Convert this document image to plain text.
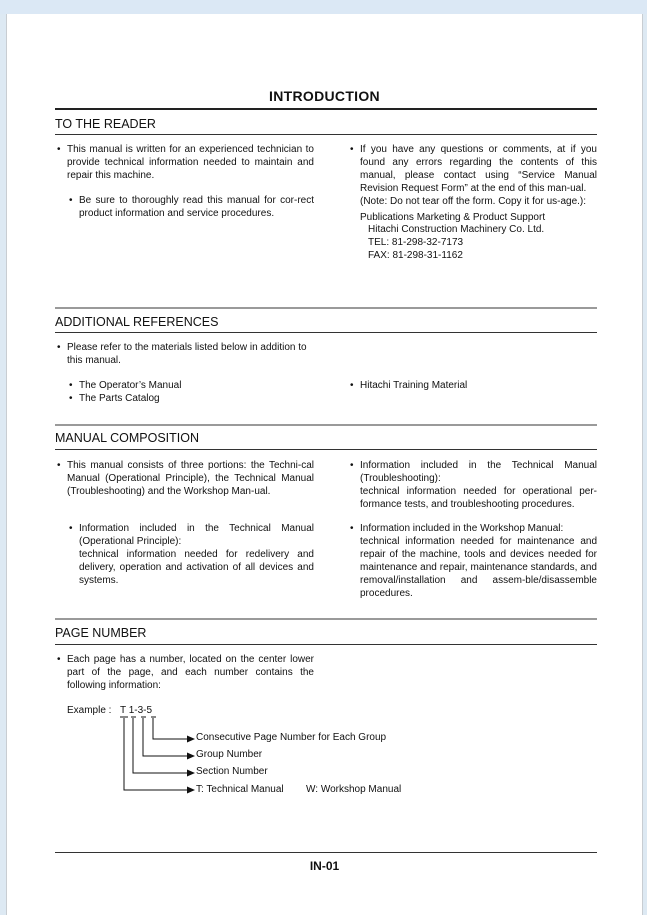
INTRODUCTION
TO THE READER
• This manual is written for an experienced technician to provide technical information needed to maintain and repair this machine.
• Be sure to thoroughly read this manual for cor-rect product information and service procedures.
• If you have any questions or comments, at if you found any errors regarding the contents of this manual, please contact using “Service Manual Revision Request Form” at the end of this man-ual.
(Note: Do not tear off the form. Copy it for us-age.):
Publications Marketing & Product Support
Hitachi Construction Machinery Co. Ltd.
TEL: 81-298-32-7173
FAX: 81-298-31-1162
ADDITIONAL REFERENCES
• Please refer to the materials listed below in addition to this manual.
• The Operator’s Manual
• The Parts Catalog
• Hitachi Training Material
MANUAL COMPOSITION
• This manual consists of three portions: the Techni-cal Manual (Operational Principle), the Technical Manual (Troubleshooting) and the Workshop Man-ual.
• Information included in the Technical Manual (Operational Principle):
technical information needed for redelivery and delivery, operation and activation of all devices and systems.
• Information included in the Technical Manual (Troubleshooting):
technical information needed for operational per-formance tests, and troubleshooting procedures.
• Information included in the Workshop Manual:
technical information needed for maintenance and repair of the machine, tools and devices needed for maintenance and repair, maintenance standards, and removal/installation and assem-ble/disassemble procedures.
PAGE NUMBER
• Each page has a number, located on the center lower part of the page, and each number contains the following information:
Example : T 1-3-5
Consecutive Page Number for Each Group
Group Number
Section Number
T: Technical Manual W: Workshop Manual
IN-01
